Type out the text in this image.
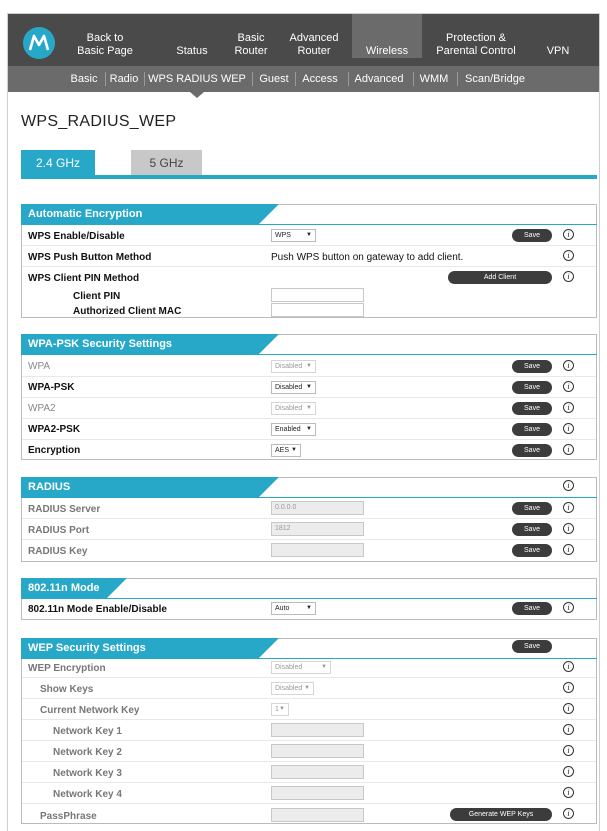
Back to
Basic Page	Status
Basic
Router
Advanced
Router	Wireless
Protection &
Parental Control	VPN
Basic	Radio WPS RADIUS WEP	Guest	Access	Advanced	WMM	Scan/Bridge
WPS_RADIUS_WEP
2.4 GHz	5 GHz
Automatic Encryption
WPS Enable/Disable	WPS	▼	Save	i
WPS Push Button Method	Push WPS button on gateway to add client.	i
WPS Client PIN Method	Add Client	i
Client PIN
Authorized Client MAC
WPA-PSK Security Settings
WPA	Disabled ▼	Save	i
WPA-PSK	Disabled ▼	Save	i
WPA2	Disabled ▼	Save	i
WPA2-PSK	Enabled ▼	Save	i
Encryption	AES ▼	Save	i
RADIUS	i
RADIUS Server	0.0.0.0	Save	i
RADIUS Port	1812	Save	i
RADIUS Key	Save	i
802.11n Mode
802.11n Mode Enable/Disable	Auto	▼	Save	i
WEP Security Settings	Save
WEP Encryption	Disabled	▼	i
Show Keys	Disabled ▼	i
Current Network Key	1 ▼	i
Network Key 1	i
Network Key 2	i
Network Key 3	i
Network Key 4	i
PassPhrase	Generate WEP Keys	i
